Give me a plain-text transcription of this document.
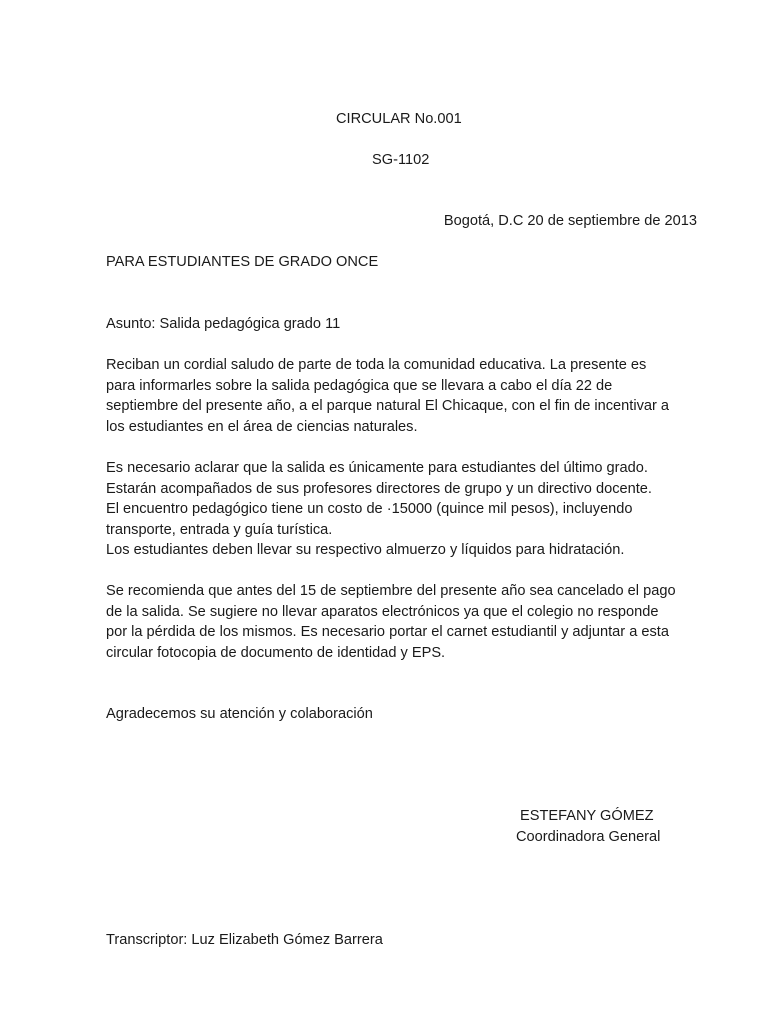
CIRCULAR No.001
SG-1102
Bogotá, D.C 20 de septiembre de 2013
PARA ESTUDIANTES DE GRADO ONCE
Asunto: Salida pedagógica grado 11
Reciban un cordial saludo de parte de toda la comunidad educativa. La presente es
para informarles sobre la salida pedagógica que se llevara a cabo el día 22 de
septiembre del presente año, a el parque natural El Chicaque, con el fin de incentivar a
los estudiantes en el área de ciencias naturales.
Es necesario aclarar que la salida es únicamente para estudiantes del último grado.
Estarán acompañados de sus profesores directores de grupo y un directivo docente.
El encuentro pedagógico tiene un costo de ·15000 (quince mil pesos), incluyendo
transporte, entrada y guía turística.
Los estudiantes deben llevar su respectivo almuerzo y líquidos para hidratación.
Se recomienda que antes del 15 de septiembre del presente año sea cancelado el pago
de la salida. Se sugiere no llevar aparatos electrónicos ya que el colegio no responde
por la pérdida de los mismos. Es necesario portar el carnet estudiantil y adjuntar a esta
circular fotocopia de documento de identidad y EPS.
Agradecemos su atención y colaboración
ESTEFANY GÓMEZ
Coordinadora General
Transcriptor: Luz Elizabeth Gómez Barrera
